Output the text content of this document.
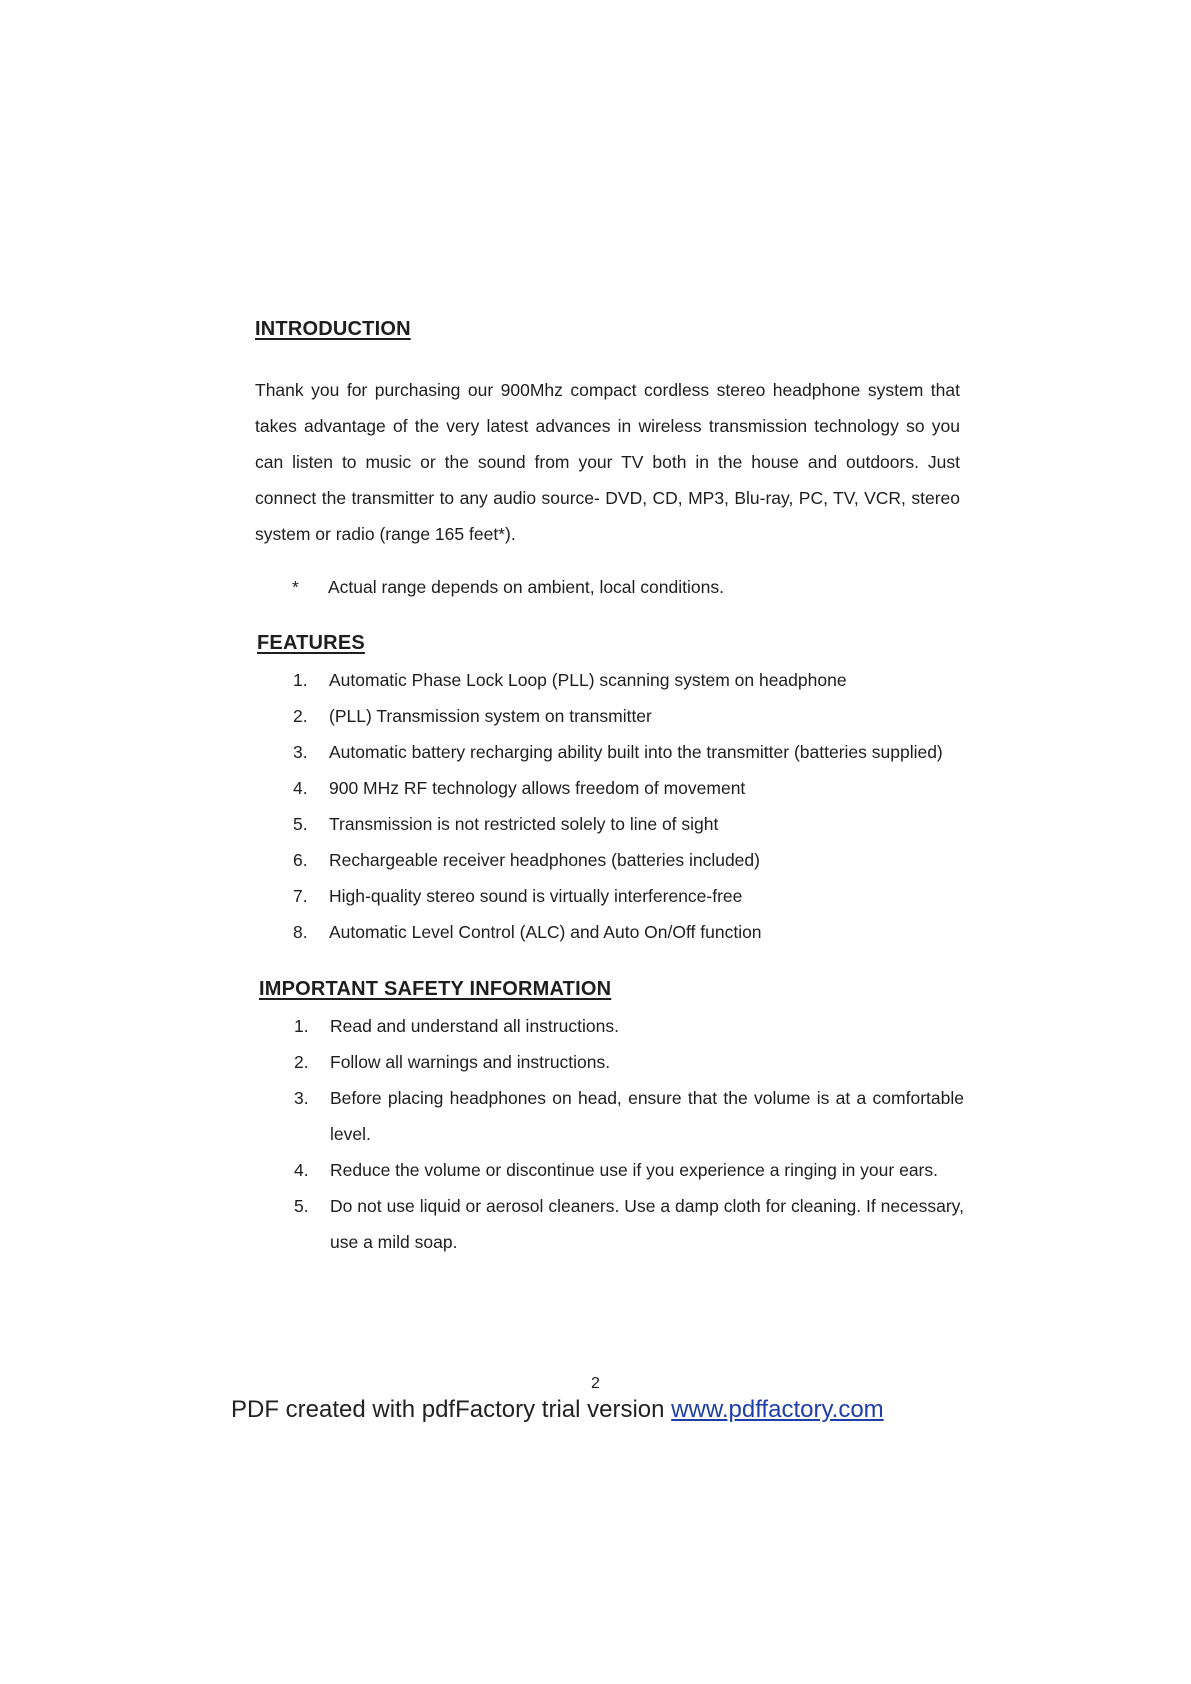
INTRODUCTION
Thank you for purchasing our 900Mhz compact cordless stereo headphone system that takes advantage of the very latest advances in wireless transmission technology so you can listen to music or the sound from your TV both in the house and outdoors. Just connect the transmitter to any audio source- DVD, CD, MP3, Blu-ray, PC, TV, VCR, stereo system or radio (range 165 feet*).
* Actual range depends on ambient, local conditions.
FEATURES
1. Automatic Phase Lock Loop (PLL) scanning system on headphone
2. (PLL) Transmission system on transmitter
3. Automatic battery recharging ability built into the transmitter (batteries supplied)
4. 900 MHz RF technology allows freedom of movement
5. Transmission is not restricted solely to line of sight
6. Rechargeable receiver headphones (batteries included)
7. High-quality stereo sound is virtually interference-free
8. Automatic Level Control (ALC) and Auto On/Off function
IMPORTANT SAFETY INFORMATION
1. Read and understand all instructions.
2. Follow all warnings and instructions.
3. Before placing headphones on head, ensure that the volume is at a comfortable level.
4. Reduce the volume or discontinue use if you experience a ringing in your ears.
5. Do not use liquid or aerosol cleaners. Use a damp cloth for cleaning. If necessary, use a mild soap.
2
PDF created with pdfFactory trial version www.pdffactory.com
